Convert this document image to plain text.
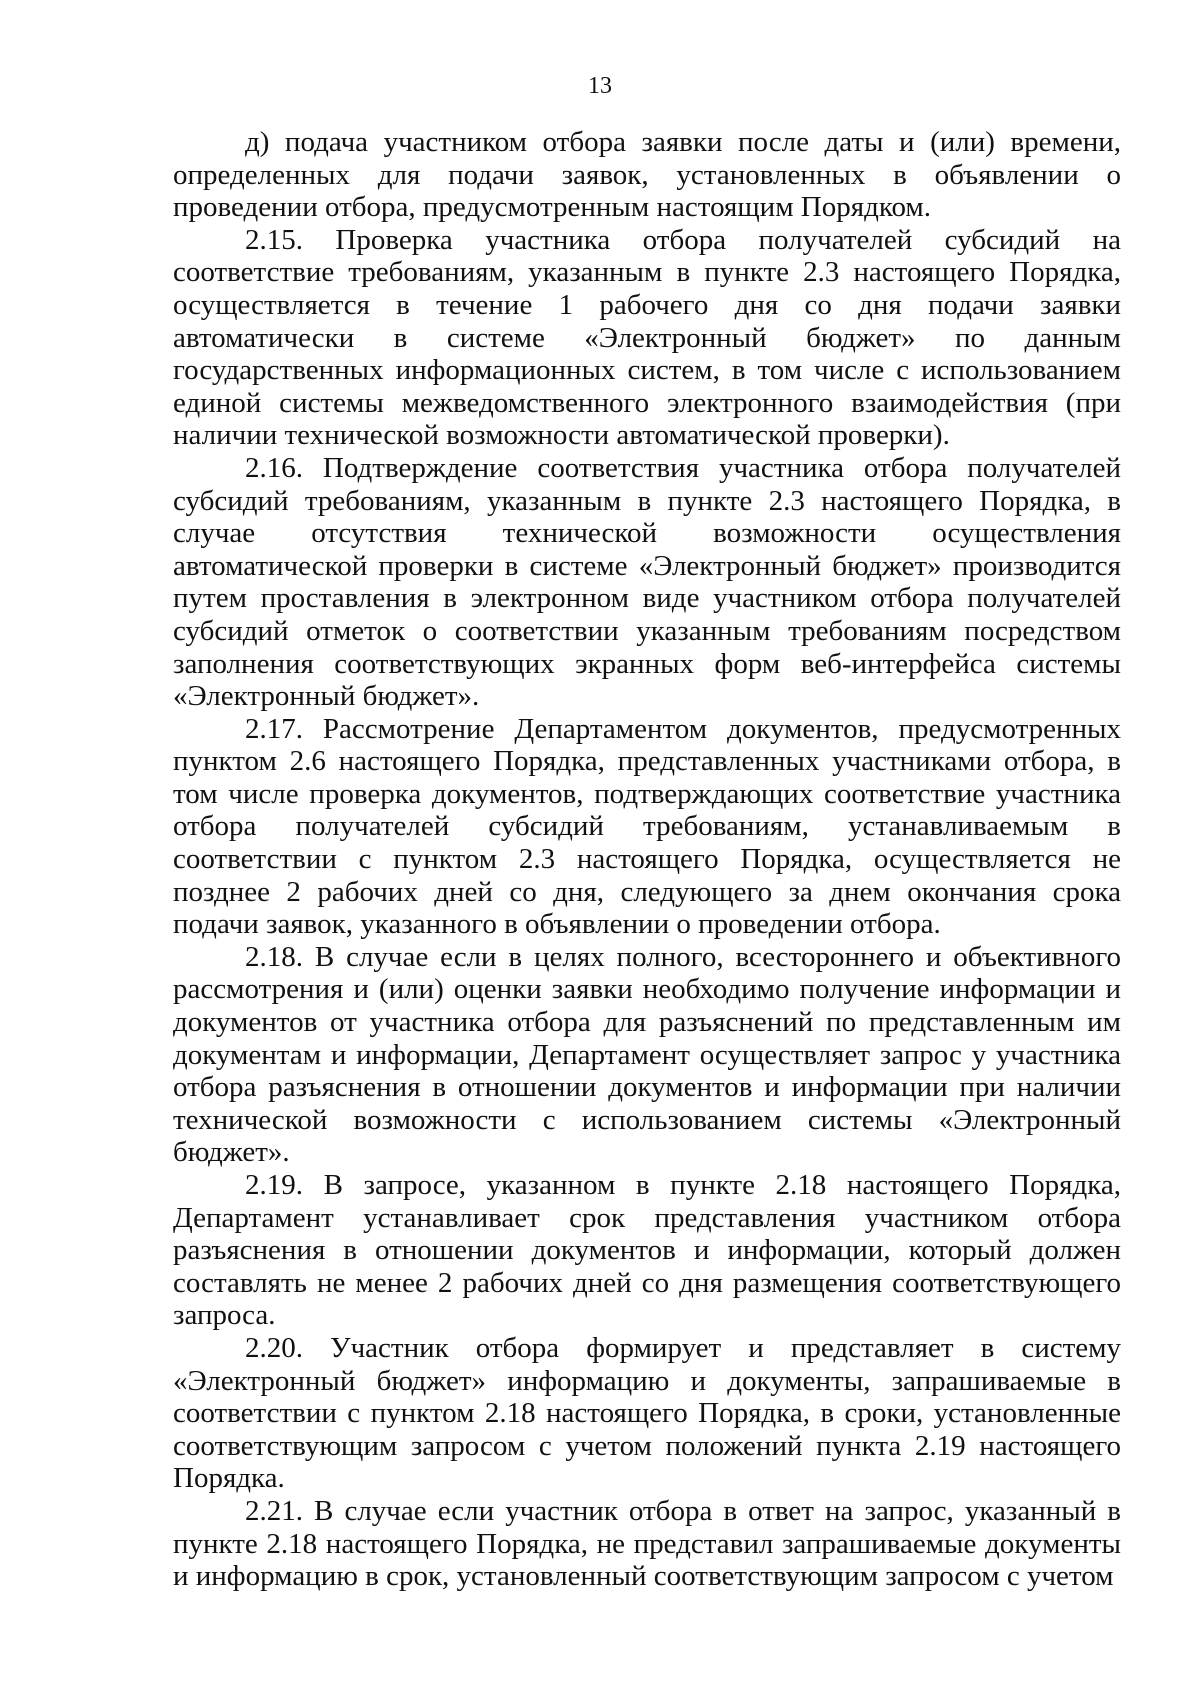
13

д) подача участником отбора заявки после даты и (или) времени, определенных для подачи заявок, установленных в объявлении о проведении отбора, предусмотренным настоящим Порядком.

2.15. Проверка участника отбора получателей субсидий на соответствие требованиям, указанным в пункте 2.3 настоящего Порядка, осуществляется в течение 1 рабочего дня со дня подачи заявки автоматически в системе «Электронный бюджет» по данным государственных информационных систем, в том числе с использованием единой системы межведомственного электронного взаимодействия (при наличии технической возможности автоматической проверки).

2.16. Подтверждение соответствия участника отбора получателей субсидий требованиям, указанным в пункте 2.3 настоящего Порядка, в случае отсутствия технической возможности осуществления автоматической проверки в системе «Электронный бюджет» производится путем проставления в электронном виде участником отбора получателей субсидий отметок о соответствии указанным требованиям посредством заполнения соответствующих экранных форм веб-интерфейса системы «Электронный бюджет».

2.17. Рассмотрение Департаментом документов, предусмотренных пунктом 2.6 настоящего Порядка, представленных участниками отбора, в том числе проверка документов, подтверждающих соответствие участника отбора получателей субсидий требованиям, устанавливаемым в соответствии с пунктом 2.3 настоящего Порядка, осуществляется не позднее 2 рабочих дней со дня, следующего за днем окончания срока подачи заявок, указанного в объявлении о проведении отбора.

2.18. В случае если в целях полного, всестороннего и объективного рассмотрения и (или) оценки заявки необходимо получение информации и документов от участника отбора для разъяснений по представленным им документам и информации, Департамент осуществляет запрос у участника отбора разъяснения в отношении документов и информации при наличии технической возможности с использованием системы «Электронный бюджет».

2.19. В запросе, указанном в пункте 2.18 настоящего Порядка, Департамент устанавливает срок представления участником отбора разъяснения в отношении документов и информации, который должен составлять не менее 2 рабочих дней со дня размещения соответствующего запроса.

2.20. Участник отбора формирует и представляет в систему «Электронный бюджет» информацию и документы, запрашиваемые в соответствии с пунктом 2.18 настоящего Порядка, в сроки, установленные соответствующим запросом с учетом положений пункта 2.19 настоящего Порядка.

2.21. В случае если участник отбора в ответ на запрос, указанный в пункте 2.18 настоящего Порядка, не представил запрашиваемые документы и информацию в срок, установленный соответствующим запросом с учетом
